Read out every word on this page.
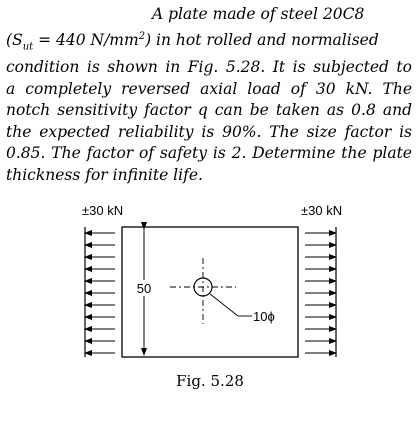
A plate made of steel 20C8
($S_{ut} = 440$ $N/mm^2$) in hot rolled and normalised
condition is shown in Fig. 5.28. It is subjected to
a completely reversed axial load of 30 kN. The
notch sensitivity factor q can be taken as 0.8 and
the expected reliability is 90%. The size factor is
0.85. The factor of safety is 2. Determine the plate
thickness for infinite life.
±30 kN	±30 kN
50
10ϕ
Fig. 5.28
